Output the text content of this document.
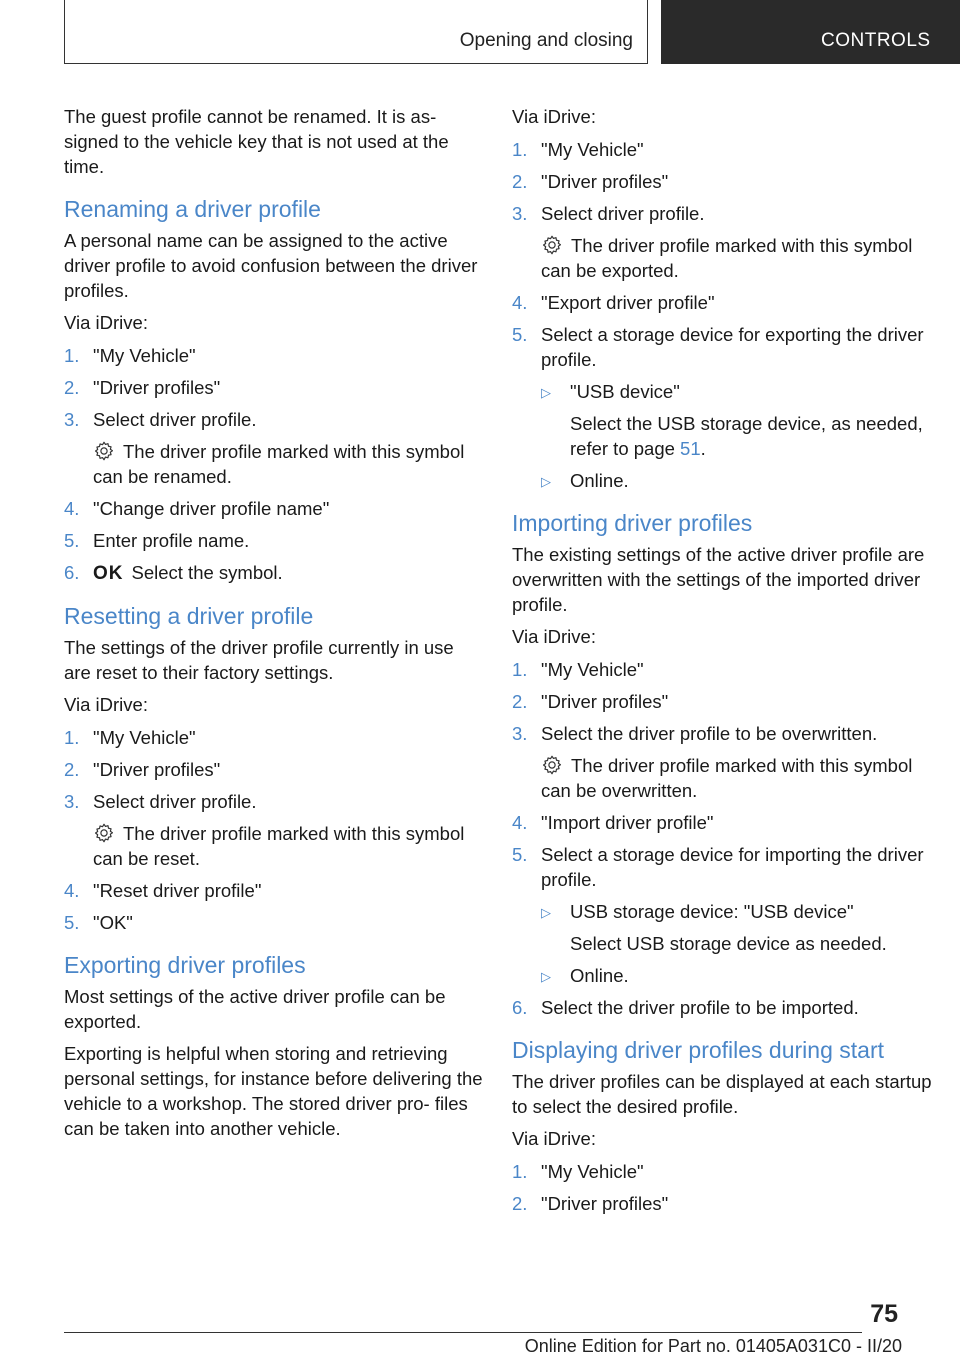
Opening and closing	CONTROLS

The guest profile cannot be renamed. It is as‐ signed to the vehicle key that is not used at the time.

Renaming a driver profile

A personal name can be assigned to the active driver profile to avoid confusion between the driver profiles.

Via iDrive:

1. "My Vehicle"
2. "Driver profiles"
3. Select driver profile.
The driver profile marked with this symbol can be renamed.
4. "Change driver profile name"
5. Enter profile name.
6. OK Select the symbol.
Resetting a driver profile

The settings of the driver profile currently in use are reset to their factory settings.

Via iDrive:

1. "My Vehicle"
2. "Driver profiles"
3. Select driver profile.
The driver profile marked with this symbol can be reset.
4. "Reset driver profile"
5. "OK"
Exporting driver profiles

Most settings of the active driver profile can be exported.

Exporting is helpful when storing and retrieving personal settings, for instance before delivering the vehicle to a workshop. The stored driver pro‐ files can be taken into another vehicle.

Via iDrive:

1. "My Vehicle"
2. "Driver profiles"
3. Select driver profile.
The driver profile marked with this symbol can be exported.
4. "Export driver profile"
5. Select a storage device for exporting the driver profile.
▷ "USB device"
Select the USB storage device, as needed, refer to page 51.
▷ Online.
Importing driver profiles

The existing settings of the active driver profile are overwritten with the settings of the imported driver profile.

Via iDrive:

1. "My Vehicle"
2. "Driver profiles"
3. Select the driver profile to be overwritten.
The driver profile marked with this symbol can be overwritten.
4. "Import driver profile"
5. Select a storage device for importing the driver profile.
▷ USB storage device: "USB device"
Select USB storage device as needed.
▷ Online.
6. Select the driver profile to be imported.
Displaying driver profiles during start

The driver profiles can be displayed at each startup to select the desired profile.

Via iDrive:

1. "My Vehicle"
2. "Driver profiles"
75
Online Edition for Part no. 01405A031C0 - II/20
